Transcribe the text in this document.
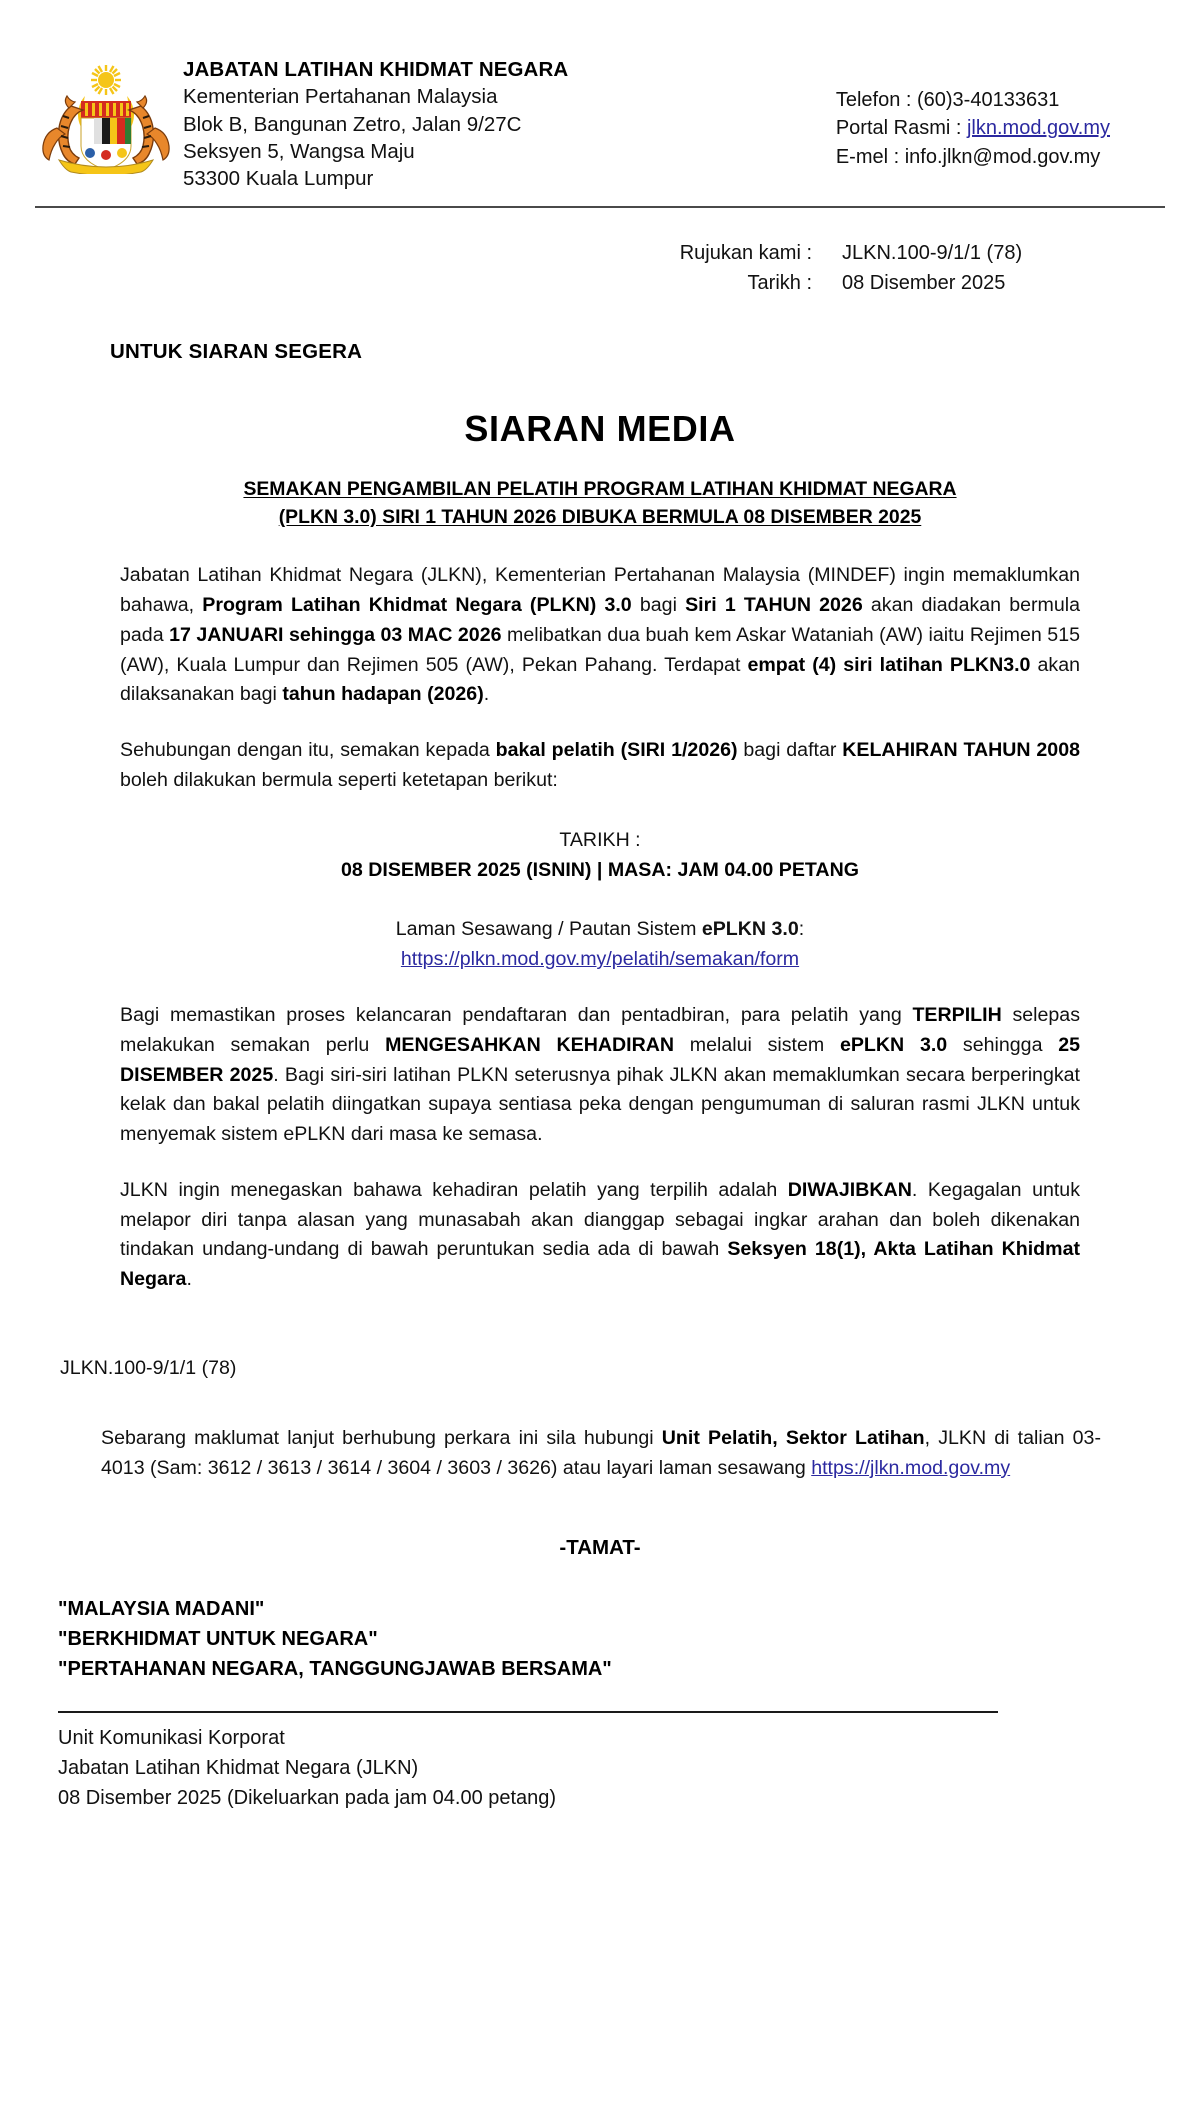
JABATAN LATIHAN KHIDMAT NEGARA
Kementerian Pertahanan Malaysia
Blok B, Bangunan Zetro, Jalan 9/27C
Seksyen 5, Wangsa Maju
53300 Kuala Lumpur
Telefon : (60)3-40133631
Portal Rasmi : jlkn.mod.gov.my
E-mel : info.jlkn@mod.gov.my
Rujukan kami :	JLKN.100-9/1/1 (78)
Tarikh :	08 Disember 2025
UNTUK SIARAN SEGERA
SIARAN MEDIA
SEMAKAN PENGAMBILAN PELATIH PROGRAM LATIHAN KHIDMAT NEGARA
(PLKN 3.0) SIRI 1 TAHUN 2026 DIBUKA BERMULA 08 DISEMBER 2025

Jabatan Latihan Khidmat Negara (JLKN), Kementerian Pertahanan Malaysia (MINDEF) ingin memaklumkan bahawa, Program Latihan Khidmat Negara (PLKN) 3.0 bagi Siri 1 TAHUN 2026 akan diadakan bermula pada 17 JANUARI sehingga 03 MAC 2026 melibatkan dua buah kem Askar Wataniah (AW) iaitu Rejimen 515 (AW), Kuala Lumpur dan Rejimen 505 (AW), Pekan Pahang. Terdapat empat (4) siri latihan PLKN3.0 akan dilaksanakan bagi tahun hadapan (2026).

Sehubungan dengan itu, semakan kepada bakal pelatih (SIRI 1/2026) bagi daftar KELAHIRAN TAHUN 2008 boleh dilakukan bermula seperti ketetapan berikut:

TARIKH :
08 DISEMBER 2025 (ISNIN) | MASA: JAM 04.00 PETANG
Laman Sesawang / Pautan Sistem ePLKN 3.0:
https://plkn.mod.gov.my/pelatih/semakan/form

Bagi memastikan proses kelancaran pendaftaran dan pentadbiran, para pelatih yang TERPILIH selepas melakukan semakan perlu MENGESAHKAN KEHADIRAN melalui sistem ePLKN 3.0 sehingga 25 DISEMBER 2025. Bagi siri-siri latihan PLKN seterusnya pihak JLKN akan memaklumkan secara berperingkat kelak dan bakal pelatih diingatkan supaya sentiasa peka dengan pengumuman di saluran rasmi JLKN untuk menyemak sistem ePLKN dari masa ke semasa.

JLKN ingin menegaskan bahawa kehadiran pelatih yang terpilih adalah DIWAJIBKAN. Kegagalan untuk melapor diri tanpa alasan yang munasabah akan dianggap sebagai ingkar arahan dan boleh dikenakan tindakan undang-undang di bawah peruntukan sedia ada di bawah Seksyen 18(1), Akta Latihan Khidmat Negara.

JLKN.100-9/1/1 (78)

Sebarang maklumat lanjut berhubung perkara ini sila hubungi Unit Pelatih, Sektor Latihan, JLKN di talian 03-4013 (Sam: 3612 / 3613 / 3614 / 3604 / 3603 / 3626) atau layari laman sesawang https://jlkn.mod.gov.my

-TAMAT-
"MALAYSIA MADANI"
"BERKHIDMAT UNTUK NEGARA"
"PERTAHANAN NEGARA, TANGGUNGJAWAB BERSAMA"
Unit Komunikasi Korporat
Jabatan Latihan Khidmat Negara (JLKN)
08 Disember 2025 (Dikeluarkan pada jam 04.00 petang)
